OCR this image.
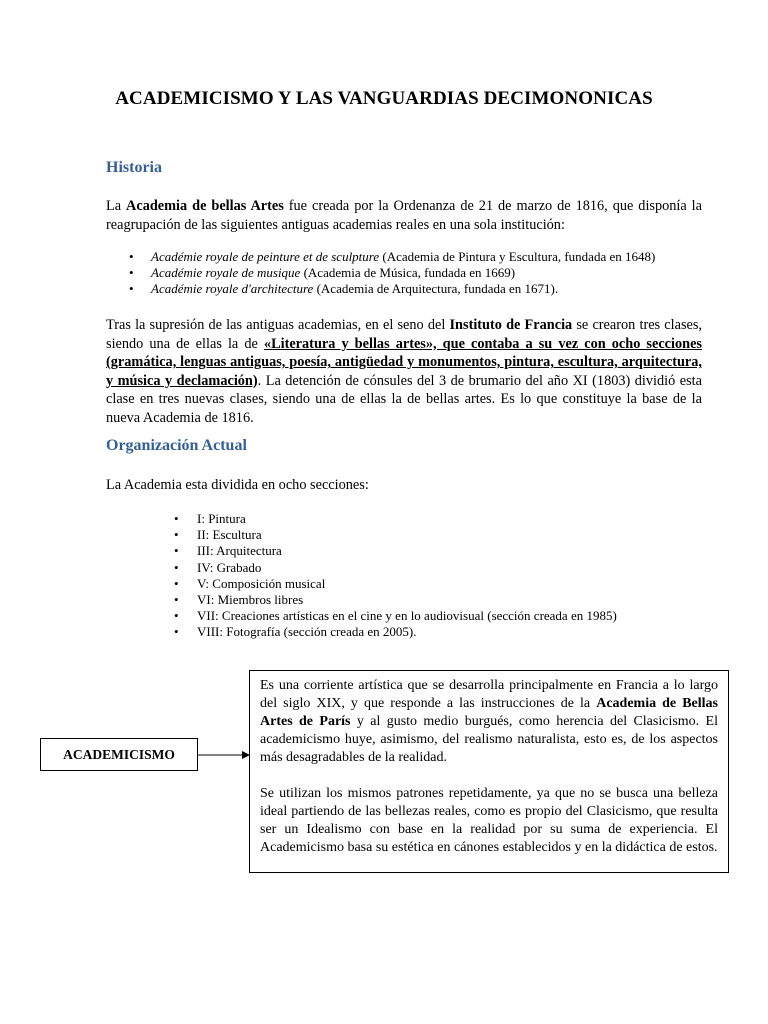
ACADEMICISMO Y LAS VANGUARDIAS DECIMONONICAS
Historia
La Academia de bellas Artes fue creada por la Ordenanza de 21 de marzo de 1816, que disponía la reagrupación de las siguientes antiguas academias reales en una sola institución:
• Académie royale de peinture et de sculpture (Academia de Pintura y Escultura, fundada en 1648)
• Académie royale de musique (Academia de Música, fundada en 1669)
• Académie royale d'architecture (Academia de Arquitectura, fundada en 1671).
Tras la supresión de las antiguas academias, en el seno del Instituto de Francia se crearon tres clases, siendo una de ellas la de «Literatura y bellas artes», que contaba a su vez con ocho secciones (gramática, lenguas antiguas, poesía, antigüedad y monumentos, pintura, escultura, arquitectura, y música y declamación). La detención de cónsules del 3 de brumario del año XI (1803) dividió esta clase en tres nuevas clases, siendo una de ellas la de bellas artes. Es lo que constituye la base de la nueva Academia de 1816.
Organización Actual
La Academia esta dividida en ocho secciones:
• I: Pintura
• II: Escultura
• III: Arquitectura
• IV: Grabado
• V: Composición musical
• VI: Miembros libres
• VII: Creaciones artísticas en el cine y en lo audiovisual (sección creada en 1985)
• VIII: Fotografía (sección creada en 2005).
ACADEMICISMO

Es una corriente artística que se desarrolla principalmente en Francia a lo largo del siglo XIX, y que responde a las instrucciones de la Academia de Bellas Artes de París y al gusto medio burgués, como herencia del Clasicismo. El academicismo huye, asimismo, del realismo naturalista, esto es, de los aspectos más desagradables de la realidad.

Se utilizan los mismos patrones repetidamente, ya que no se busca una belleza ideal partiendo de las bellezas reales, como es propio del Clasicismo, que resulta ser un Idealismo con base en la realidad por su suma de experiencia. El Academicismo basa su estética en cánones establecidos y en la didáctica de estos.
